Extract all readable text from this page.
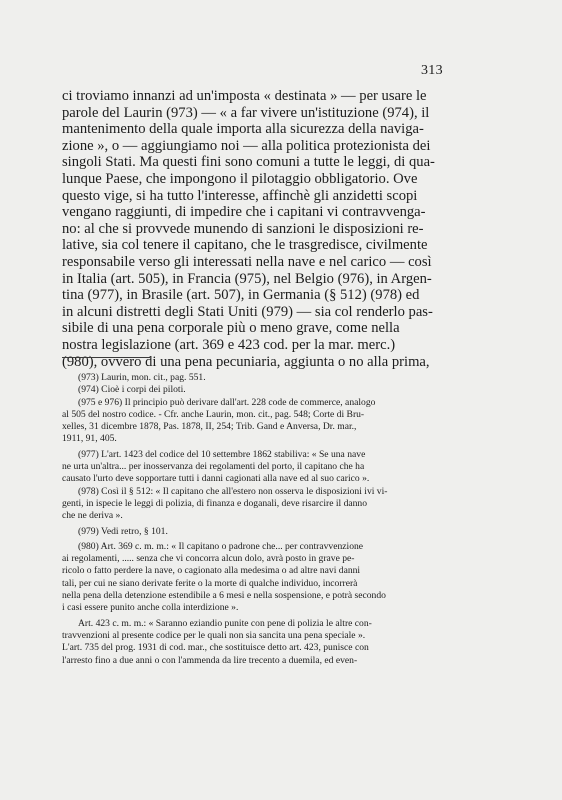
313
ci troviamo innanzi ad un'imposta « destinata » — per usare le
parole del Laurin (973) — « a far vivere un'istituzione (974), il
mantenimento della quale importa alla sicurezza della naviga-
zione », o — aggiungiamo noi — alla politica protezionista dei
singoli Stati. Ma questi fini sono comuni a tutte le leggi, di qua-
lunque Paese, che impongono il pilotaggio obbligatorio. Ove
questo vige, si ha tutto l'interesse, affinchè gli anzidetti scopi
vengano raggiunti, di impedire che i capitani vi contravvenga-
no: al che si provvede munendo di sanzioni le disposizioni re-
lative, sia col tenere il capitano, che le trasgredisce, civilmente
responsabile verso gli interessati nella nave e nel carico — così
in Italia (art. 505), in Francia (975), nel Belgio (976), in Argen-
tina (977), in Brasile (art. 507), in Germania (§ 512) (978) ed
in alcuni distretti degli Stati Uniti (979) — sia col renderlo pas-
sibile di una pena corporale più o meno grave, come nella
nostra legislazione (art. 369 e 423 cod. per la mar. merc.)
(980), ovvero di una pena pecuniaria, aggiunta o no alla prima,
(973) Laurin, mon. cit., pag. 551.
(974) Cioè i corpi dei piloti.
(975 e 976) Il principio può derivare dall'art. 228 code de commerce, analogo
al 505 del nostro codice. - Cfr. anche Laurin, mon. cit., pag. 548; Corte di Bru-
xelles, 31 dicembre 1878, Pas. 1878, II, 254; Trib. Gand e Anversa, Dr. mar.,
1911, 91, 405.
(977) L'art. 1423 del codice del 10 settembre 1862 stabiliva: « Se una nave
ne urta un'altra... per inosservanza dei regolamenti del porto, il capitano che ha
causato l'urto deve sopportare tutti i danni cagionati alla nave ed al suo carico ».
(978) Così il § 512: « Il capitano che all'estero non osserva le disposizioni ivi vi-
genti, in ispecie le leggi di polizia, di finanza e doganali, deve risarcire il danno
che ne deriva ».
(979) Vedi retro, § 101.
(980) Art. 369 c. m. m.: « Il capitano o padrone che... per contravvenzione
ai regolamenti, ..... senza che vi concorra alcun dolo, avrà posto in grave pe-
ricolo o fatto perdere la nave, o cagionato alla medesima o ad altre navi danni
tali, per cui ne siano derivate ferite o la morte di qualche individuo, incorrerà
nella pena della detenzione estendibile a 6 mesi e nella sospensione, e potrà secondo
i casi essere punito anche colla interdizione ».
Art. 423 c. m. m.: « Saranno eziandio punite con pene di polizia le altre con-
travvenzioni al presente codice per le quali non sia sancita una pena speciale ».
L'art. 735 del prog. 1931 di cod. mar., che sostituisce detto art. 423, punisce con
l'arresto fino a due anni o con l'ammenda da lire trecento a duemila, ed even-
